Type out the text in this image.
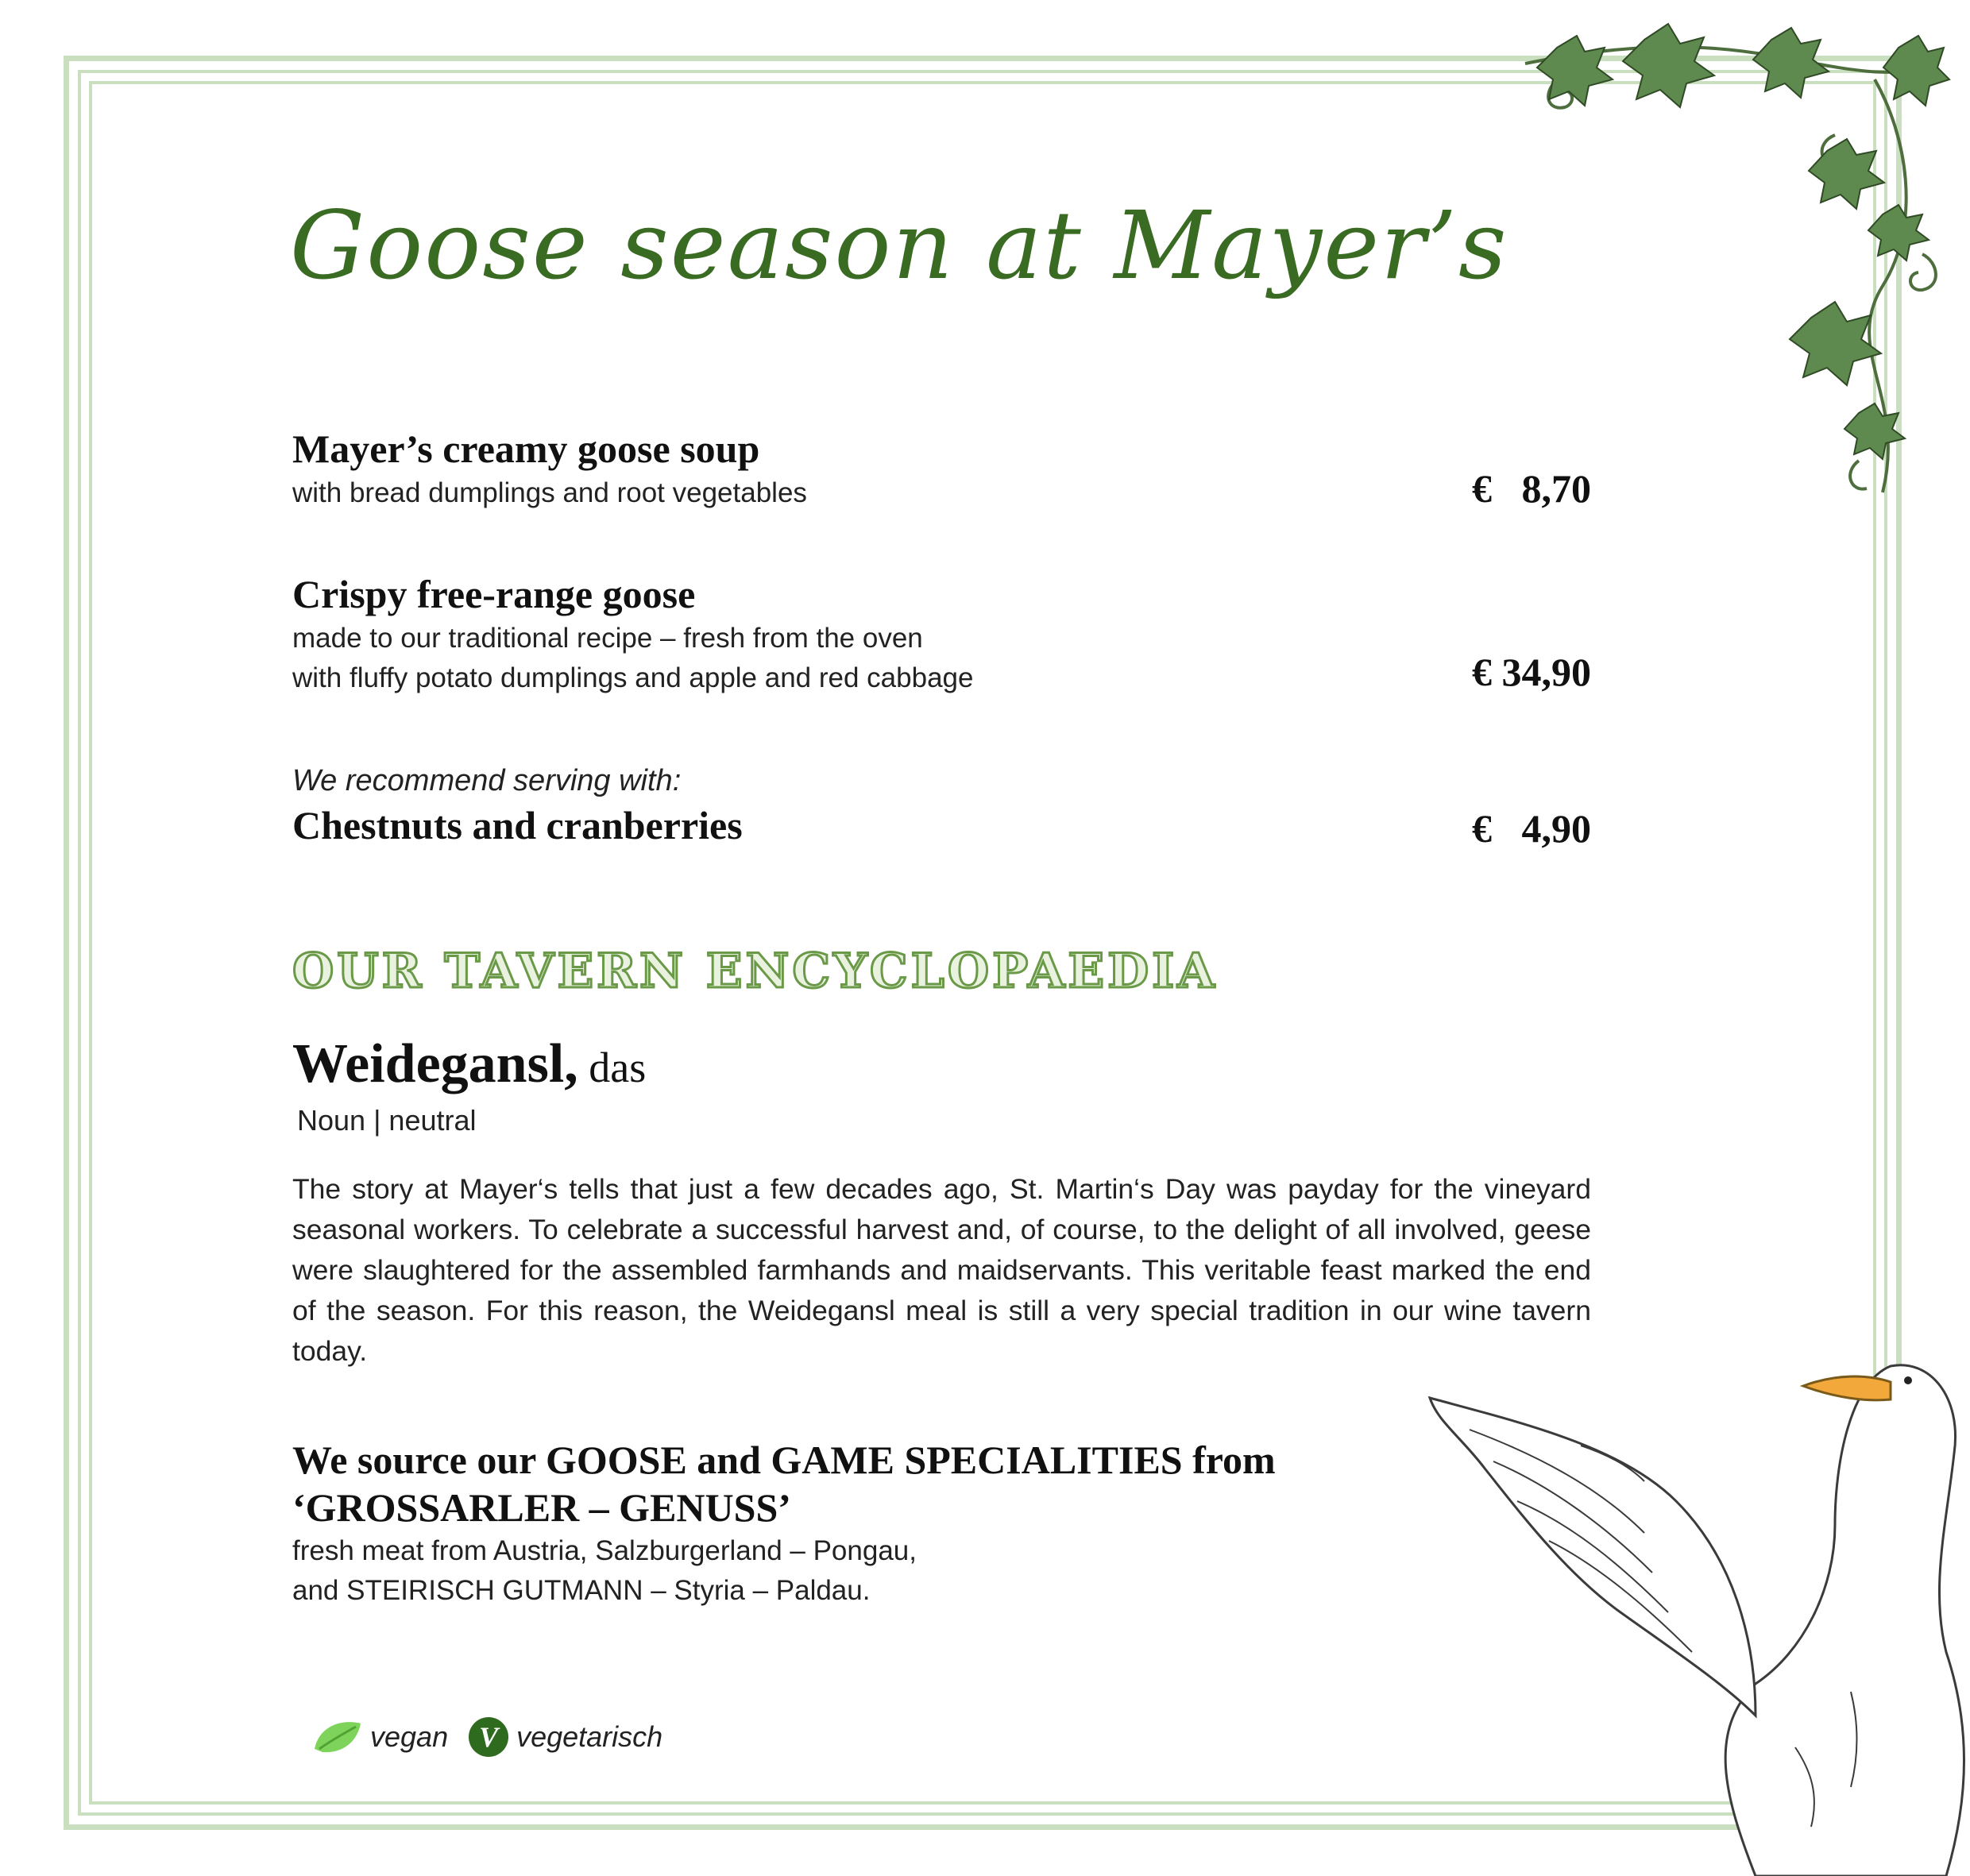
Goose season at Mayer’s
Mayer’s creamy goose soup
with bread dumplings and root vegetables	€   8,70
Crispy free-range goose
made to our traditional recipe – fresh from the oven
with fluffy potato dumplings and apple and red cabbage	€ 34,90
We recommend serving with:
Chestnuts and cranberries	€   4,90
OUR TAVERN ENCYCLOPAEDIA
Weidegansl, das
Noun | neutral
The story at Mayer‘s tells that just a few decades ago, St. Martin‘s Day was payday for the vineyard seasonal workers. To celebrate a successful harvest and, of course, to the delight of all involved, geese were slaughtered for the assembled farmhands and maidservants. This veritable feast marked the end of the season. For this reason, the Weidegansl meal is still a very special tradition in our wine tavern today.
We source our GOOSE and GAME SPECIALITIES from
‘GROSSARLER – GENUSS’
fresh meat from Austria, Salzburgerland – Pongau,
and STEIRISCH GUTMANN – Styria – Paldau.
vegan	V vegetarisch
